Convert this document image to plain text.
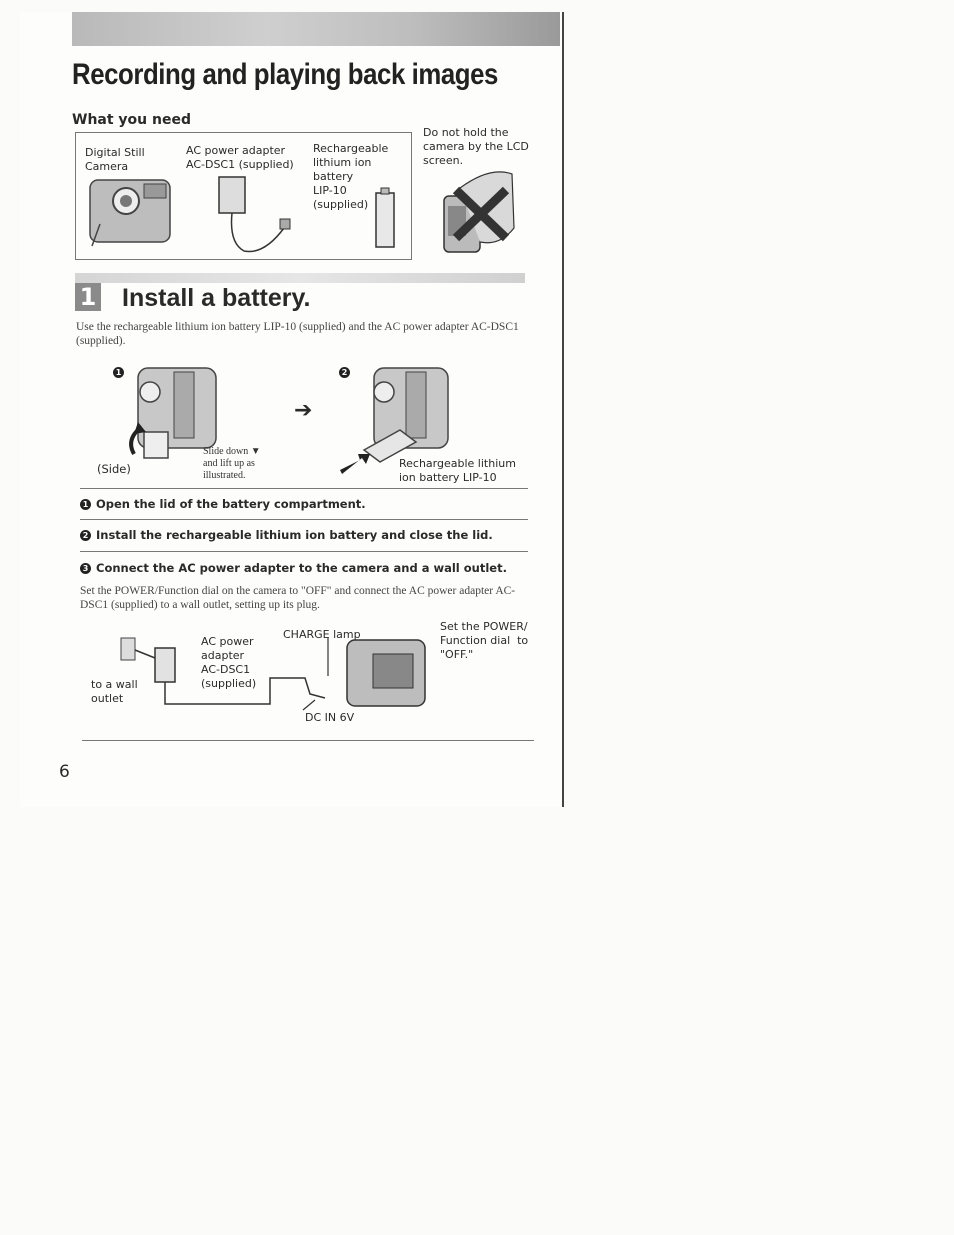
Recording and playing back images
What you need
Digital Still
Camera
AC power adapter
AC-DSC1 (supplied)
Rechargeable
lithium ion
battery
LIP-10
(supplied)
Do not hold the
camera by the LCD
screen.
1 Install a battery.
Use the rechargeable lithium ion battery LIP-10 (supplied) and the AC power adapter AC-DSC1 (supplied).
1
(Side)
Slide down ▼
and lift up as
illustrated.
➔
2
Rechargeable lithium
ion battery LIP-10
1 Open the lid of the battery compartment.
2 Install the rechargeable lithium ion battery and close the lid.
3 Connect the AC power adapter to the camera and a wall outlet.
Set the POWER/Function dial on the camera to "OFF" and connect the AC power adapter AC-DSC1 (supplied) to a wall outlet, setting up its plug.
AC power
adapter
AC-DSC1
(supplied)
to a wall
outlet
CHARGE lamp
DC IN 6V
Set the POWER/
Function dial  to
"OFF."
6
